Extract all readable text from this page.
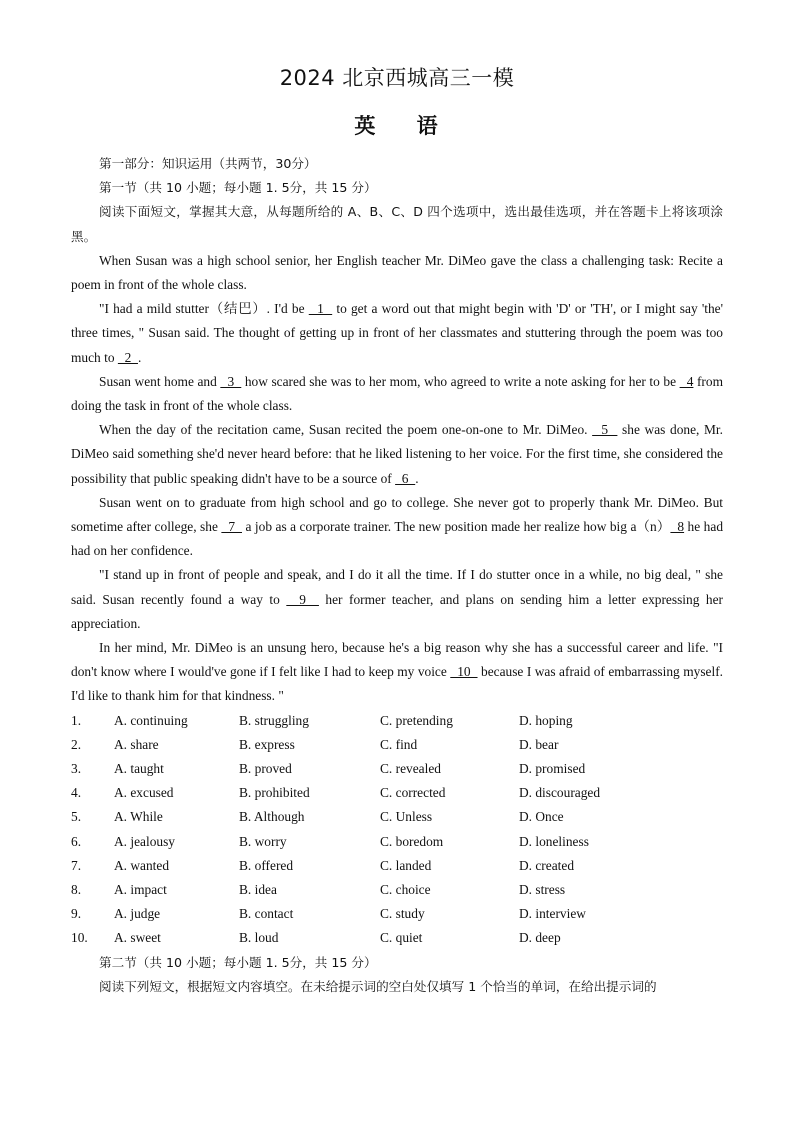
2024 北京西城高三一模
英 语

第一部分：知识运用（共两节，30分）

第一节（共 10 小题；每小题 1. 5分，共 15 分）

阅读下面短文，掌握其大意，从每题所给的 A、B、C、D 四个选项中，选出最佳选项，并在答题卡上将该项涂黑。

When Susan was a high school senior, her English teacher Mr. DiMeo gave the class a challenging task: Recite a poem in front of the whole class.

"I had a mild stutter（结巴）. I'd be   1   to get a word out that might begin with 'D' or 'TH', or I might say 'the' three times, " Susan said. The thought of getting up in front of her classmates and stuttering through the poem was too much to   2  .

Susan went home and   3   how scared she was to her mom, who agreed to write a note asking for her to be   4 from doing the task in front of the whole class.

When the day of the recitation came, Susan recited the poem one-on-one to Mr. DiMeo.   5   she was done, Mr. DiMeo said something she'd never heard before: that he liked listening to her voice. For the first time, she considered the possibility that public speaking didn't have to be a source of   6  .

Susan went on to graduate from high school and go to college. She never got to properly thank Mr. DiMeo. But sometime after college, she   7   a job as a corporate trainer. The new position made her realize how big a（n）  8 he had had on her confidence.

"I stand up in front of people and speak, and I do it all the time. If I do stutter once in a while, no big deal, " she said. Susan recently found a way to   9   her former teacher, and plans on sending him a letter expressing her appreciation.

In her mind, Mr. DiMeo is an unsung hero, because he's a big reason why she has a successful career and life. "I don't know where I would've gone if I felt like I had to keep my voice   10   because I was afraid of embarrassing myself. I'd like to thank him for that kindness. "

1.	A. continuing	B. struggling	C. pretending	D. hoping
2.	A. share	B. express	C. find	D. bear
3.	A. taught	B. proved	C. revealed	D. promised
4.	A. excused	B. prohibited	C. corrected	D. discouraged
5.	A. While	B. Although	C. Unless	D. Once
6.	A. jealousy	B. worry	C. boredom	D. loneliness
7.	A. wanted	B. offered	C. landed	D. created
8.	A. impact	B. idea	C. choice	D. stress
9.	A. judge	B. contact	C. study	D. interview
10.	A. sweet	B. loud	C. quiet	D. deep

第二节（共 10 小题；每小题 1. 5分，共 15 分）

阅读下列短文，根据短文内容填空。在未给提示词的空白处仅填写 1 个恰当的单词，在给出提示词的
